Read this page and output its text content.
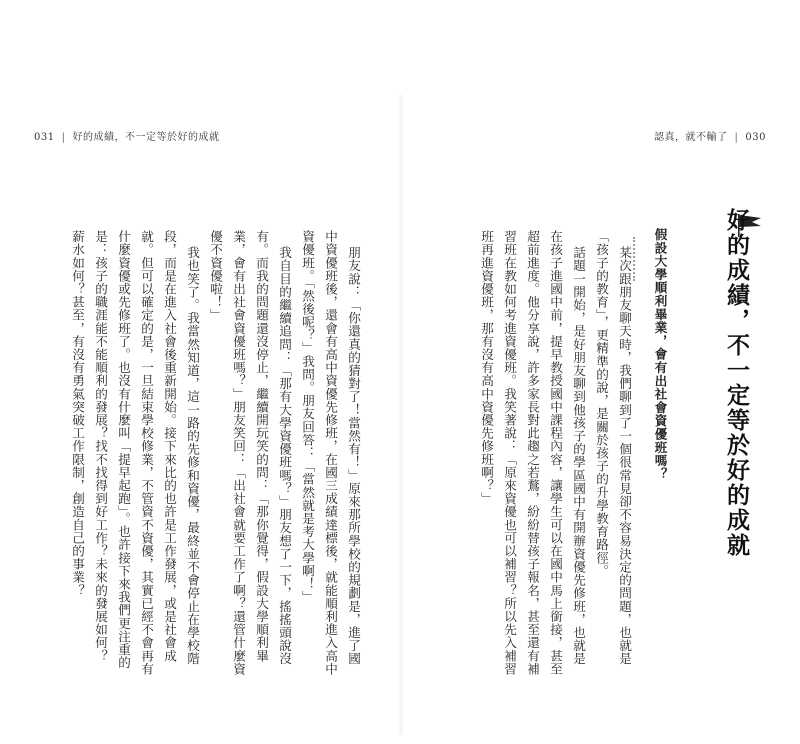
031 | 好的成績，不一定等於好的成就	認真，就不輸了 | 030
好的成績，不一定等於好的成就
假設大學順利畢業，會有出社會資優班嗎？
某次跟朋友聊天時，我們聊到了一個很常見卻不容易決定的問題，也就是
「孩子的教育」，更精準的說，是關於孩子的升學教育路徑。
話題一開始，是好朋友聊到他孩子的學區國中有開辦資優先修班，也就是
在孩子進國中前，提早教授國中課程內容，讓學生可以在國中馬上銜接，甚至
超前進度。他分享說，許多家長對此趨之若鶩，紛紛替孩子報名，甚至還有補
習班在教如何考進資優班。我笑著說：「原來資優也可以補習？所以先入補習
班再進資優班，那有沒有高中資優先修班啊？」
朋友說：「你還真的猜對了！當然有！」原來那所學校的規劃是，進了國
中資優班後，還會有高中資優先修班，在國三成績達標後，就能順利進入高中
資優班。「然後呢？」我問。朋友回答：「當然就是考大學啊！」
我自目的繼續追問：「那有大學資優班嗎？」朋友想了一下，搖搖頭說沒
有。而我的問題還沒停止，繼續開玩笑的問：「那你覺得，假設大學順利畢
業，會有出社會資優班嗎？」朋友笑回：「出社會就要工作了啊？還管什麼資
優不資優啦！」
我也笑了。我當然知道，這一路的先修和資優，最終並不會停止在學校階
段，而是在進入社會後重新開始。接下來比的也許是工作發展，或是社會成
就。但可以確定的是，一旦結束學校修業，不管資不資優，其實已經不會再有
什麼資優或先修班了。也沒有什麼叫「提早起跑」。也許接下來我們更注重的
是：孩子的職涯能不能順利的發展？找不找得到好工作？未來的發展如何？
薪水如何？甚至，有沒有勇氣突破工作限制，創造自己的事業？
